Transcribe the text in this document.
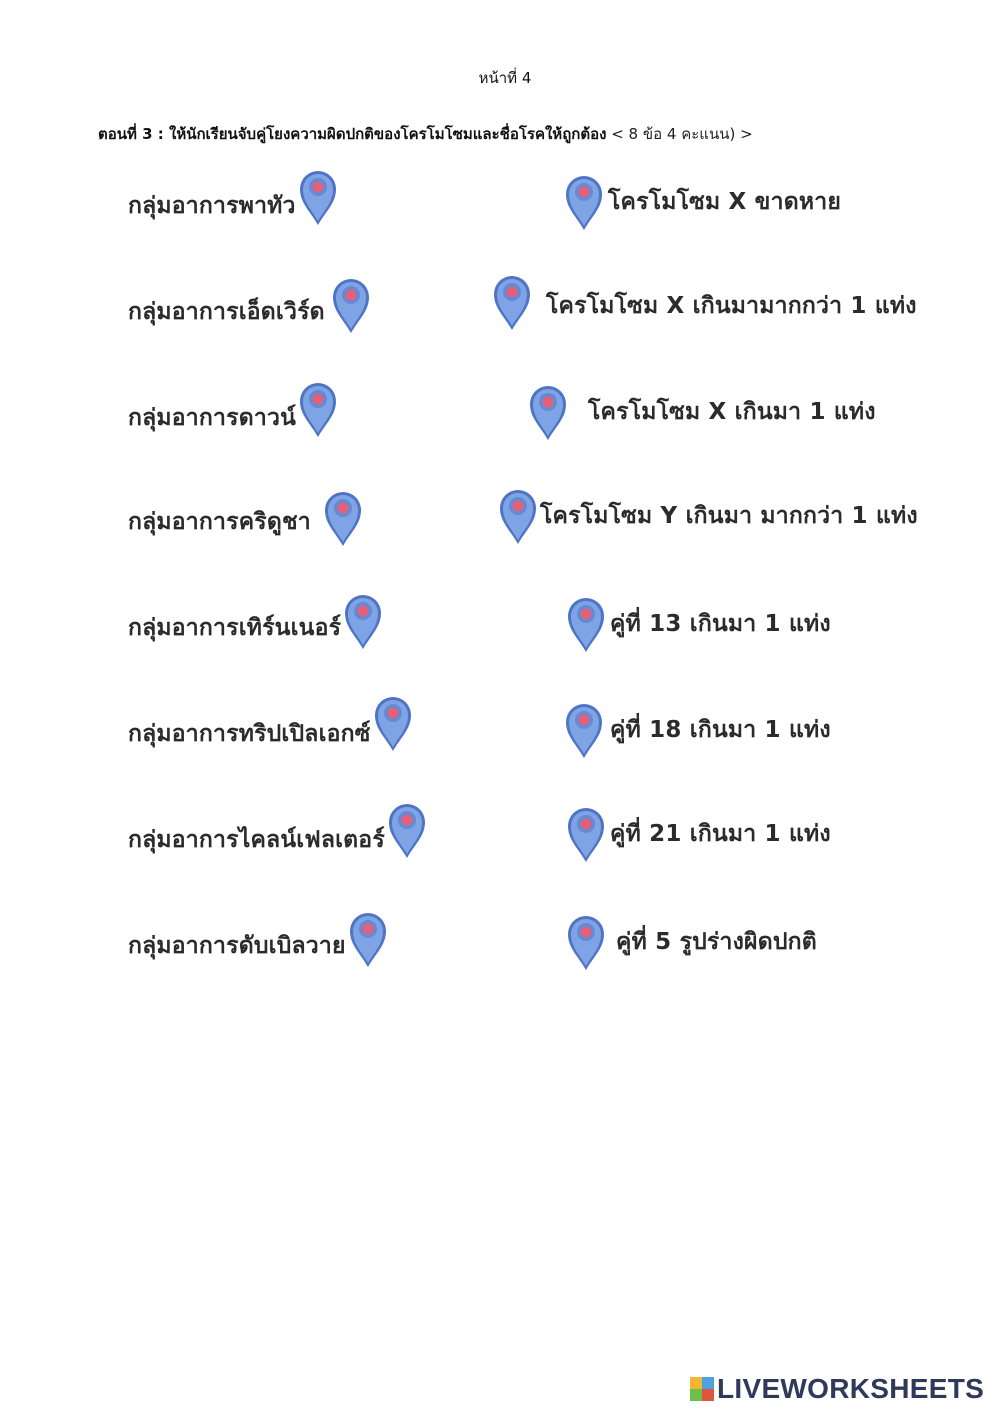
หน้าที่ 4
ตอนที่ 3 : ให้นักเรียนจับคู่โยงความผิดปกติของโครโมโซมและชื่อโรคให้ถูกต้อง < 8 ข้อ 4 คะแนน) >
กลุ่มอาการพาทัว
กลุ่มอาการเอ็ดเวิร์ด
กลุ่มอาการดาวน์
กลุ่มอาการคริดูชา
กลุ่มอาการเทิร์นเนอร์
กลุ่มอาการทริปเปิลเอกซ์
กลุ่มอาการไคลน์เฟลเตอร์
กลุ่มอาการดับเบิลวาย
โครโมโซม X ขาดหาย
โครโมโซม X เกินมามากกว่า 1 แท่ง
โครโมโซม X เกินมา 1 แท่ง
โครโมโซม Y เกินมา มากกว่า 1 แท่ง
คู่ที่ 13 เกินมา 1 แท่ง
คู่ที่ 18 เกินมา 1 แท่ง
คู่ที่ 21 เกินมา 1 แท่ง
คู่ที่ 5 รูปร่างผิดปกติ
LIVEWORKSHEETS
